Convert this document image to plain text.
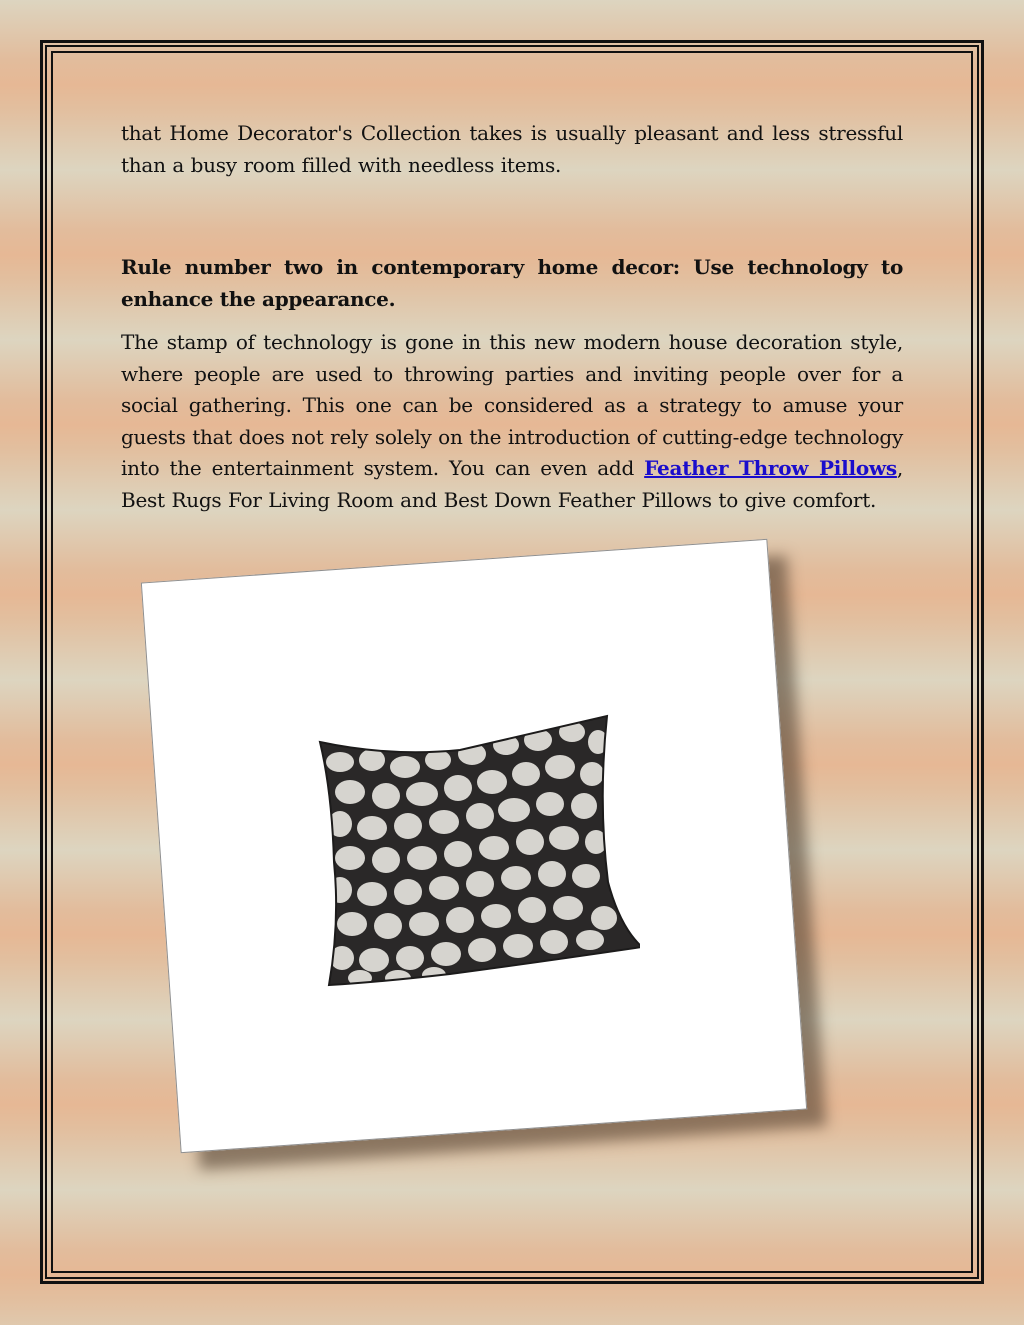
that Home Decorator's Collection takes is usually pleasant and less stressful than a busy room filled with needless items.

Rule number two in contemporary home decor: Use technology to enhance the appearance.

The stamp of technology is gone in this new modern house decoration style, where people are used to throwing parties and inviting people over for a social gathering. This one can be considered as a strategy to amuse your guests that does not rely solely on the introduction of cutting-edge technology into the entertainment system. You can even add Feather Throw Pillows, Best Rugs For Living Room and Best Down Feather Pillows to give comfort.
